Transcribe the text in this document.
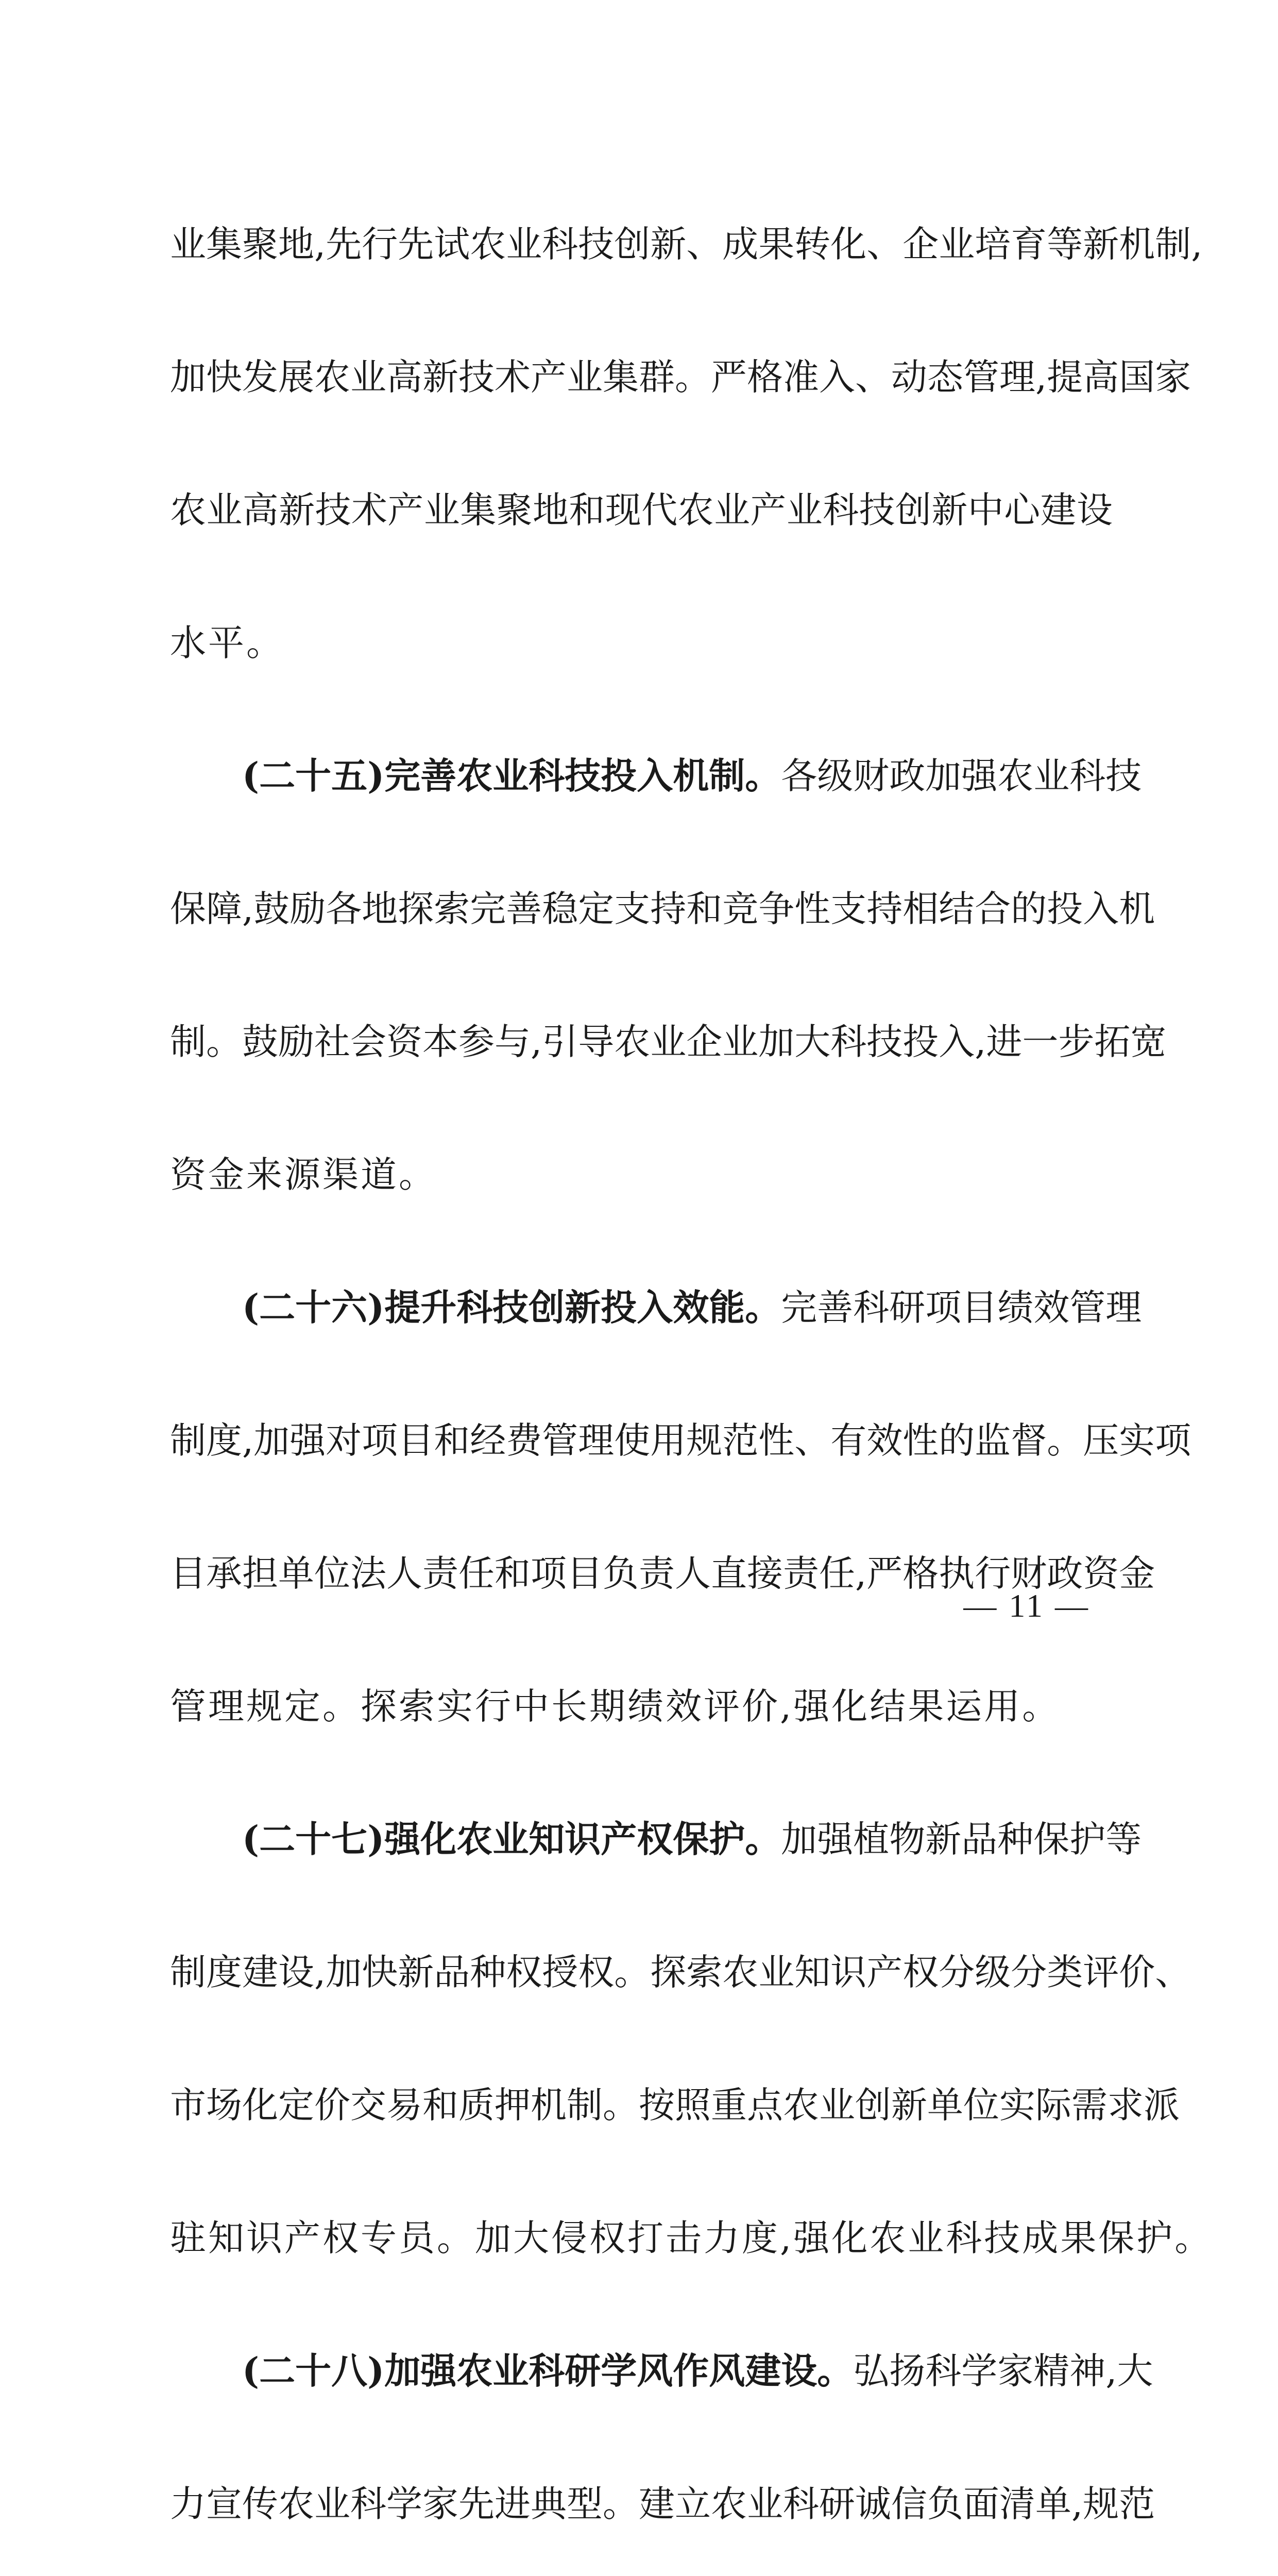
业集聚地,先行先试农业科技创新、成果转化、企业培育等新机制,
加快发展农业高新技术产业集群。严格准入、动态管理,提高国家
农业高新技术产业集聚地和现代农业产业科技创新中心建设
水平。
(二十五)完善农业科技投入机制。各级财政加强农业科技
保障,鼓励各地探索完善稳定支持和竞争性支持相结合的投入机
制。鼓励社会资本参与,引导农业企业加大科技投入,进一步拓宽
资金来源渠道。
(二十六)提升科技创新投入效能。完善科研项目绩效管理
制度,加强对项目和经费管理使用规范性、有效性的监督。压实项
目承担单位法人责任和项目负责人直接责任,严格执行财政资金
管理规定。探索实行中长期绩效评价,强化结果运用。
(二十七)强化农业知识产权保护。加强植物新品种保护等
制度建设,加快新品种权授权。探索农业知识产权分级分类评价、
市场化定价交易和质押机制。按照重点农业创新单位实际需求派
驻知识产权专员。加大侵权打击力度,强化农业科技成果保护。
(二十八)加强农业科研学风作风建设。弘扬科学家精神,大
力宣传农业科学家先进典型。建立农业科研诚信负面清单,规范
— 11 —
